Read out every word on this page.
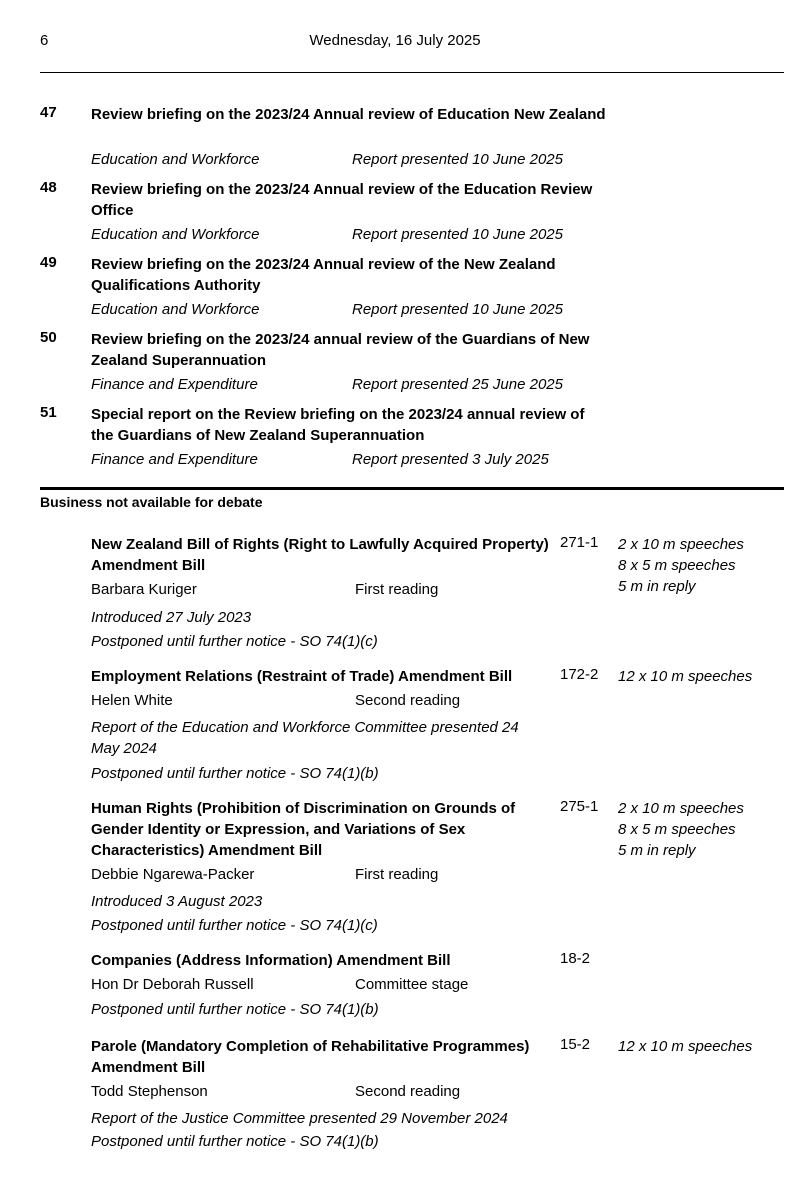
6	Wednesday, 16 July 2025
47 Review briefing on the 2023/24 Annual review of Education New Zealand
Education and Workforce	Report presented 10 June 2025
48 Review briefing on the 2023/24 Annual review of the Education Review Office
Education and Workforce	Report presented 10 June 2025
49 Review briefing on the 2023/24 Annual review of the New Zealand Qualifications Authority
Education and Workforce	Report presented 10 June 2025
50 Review briefing on the 2023/24 annual review of the Guardians of New Zealand Superannuation
Finance and Expenditure	Report presented 25 June 2025
51 Special report on the Review briefing on the 2023/24 annual review of the Guardians of New Zealand Superannuation
Finance and Expenditure	Report presented 3 July 2025
Business not available for debate
New Zealand Bill of Rights (Right to Lawfully Acquired Property) Amendment Bill
271-1 2 x 10 m speeches
8 x 5 m speeches
5 m in reply
Barbara Kuriger	First reading
Introduced 27 July 2023
Postponed until further notice - SO 74(1)(c)
Employment Relations (Restraint of Trade) Amendment Bill	172-2 12 x 10 m speeches
Helen White	Second reading
Report of the Education and Workforce Committee presented 24 May 2024
Postponed until further notice - SO 74(1)(b)
Human Rights (Prohibition of Discrimination on Grounds of Gender Identity or Expression, and Variations of Sex Characteristics) Amendment Bill
275-1 2 x 10 m speeches
8 x 5 m speeches
5 m in reply
Debbie Ngarewa-Packer	First reading
Introduced 3 August 2023
Postponed until further notice - SO 74(1)(c)
Companies (Address Information) Amendment Bill	18-2
Hon Dr Deborah Russell	Committee stage
Postponed until further notice - SO 74(1)(b)
Parole (Mandatory Completion of Rehabilitative Programmes) Amendment Bill
15-2 12 x 10 m speeches
Todd Stephenson	Second reading
Report of the Justice Committee presented 29 November 2024
Postponed until further notice - SO 74(1)(b)
